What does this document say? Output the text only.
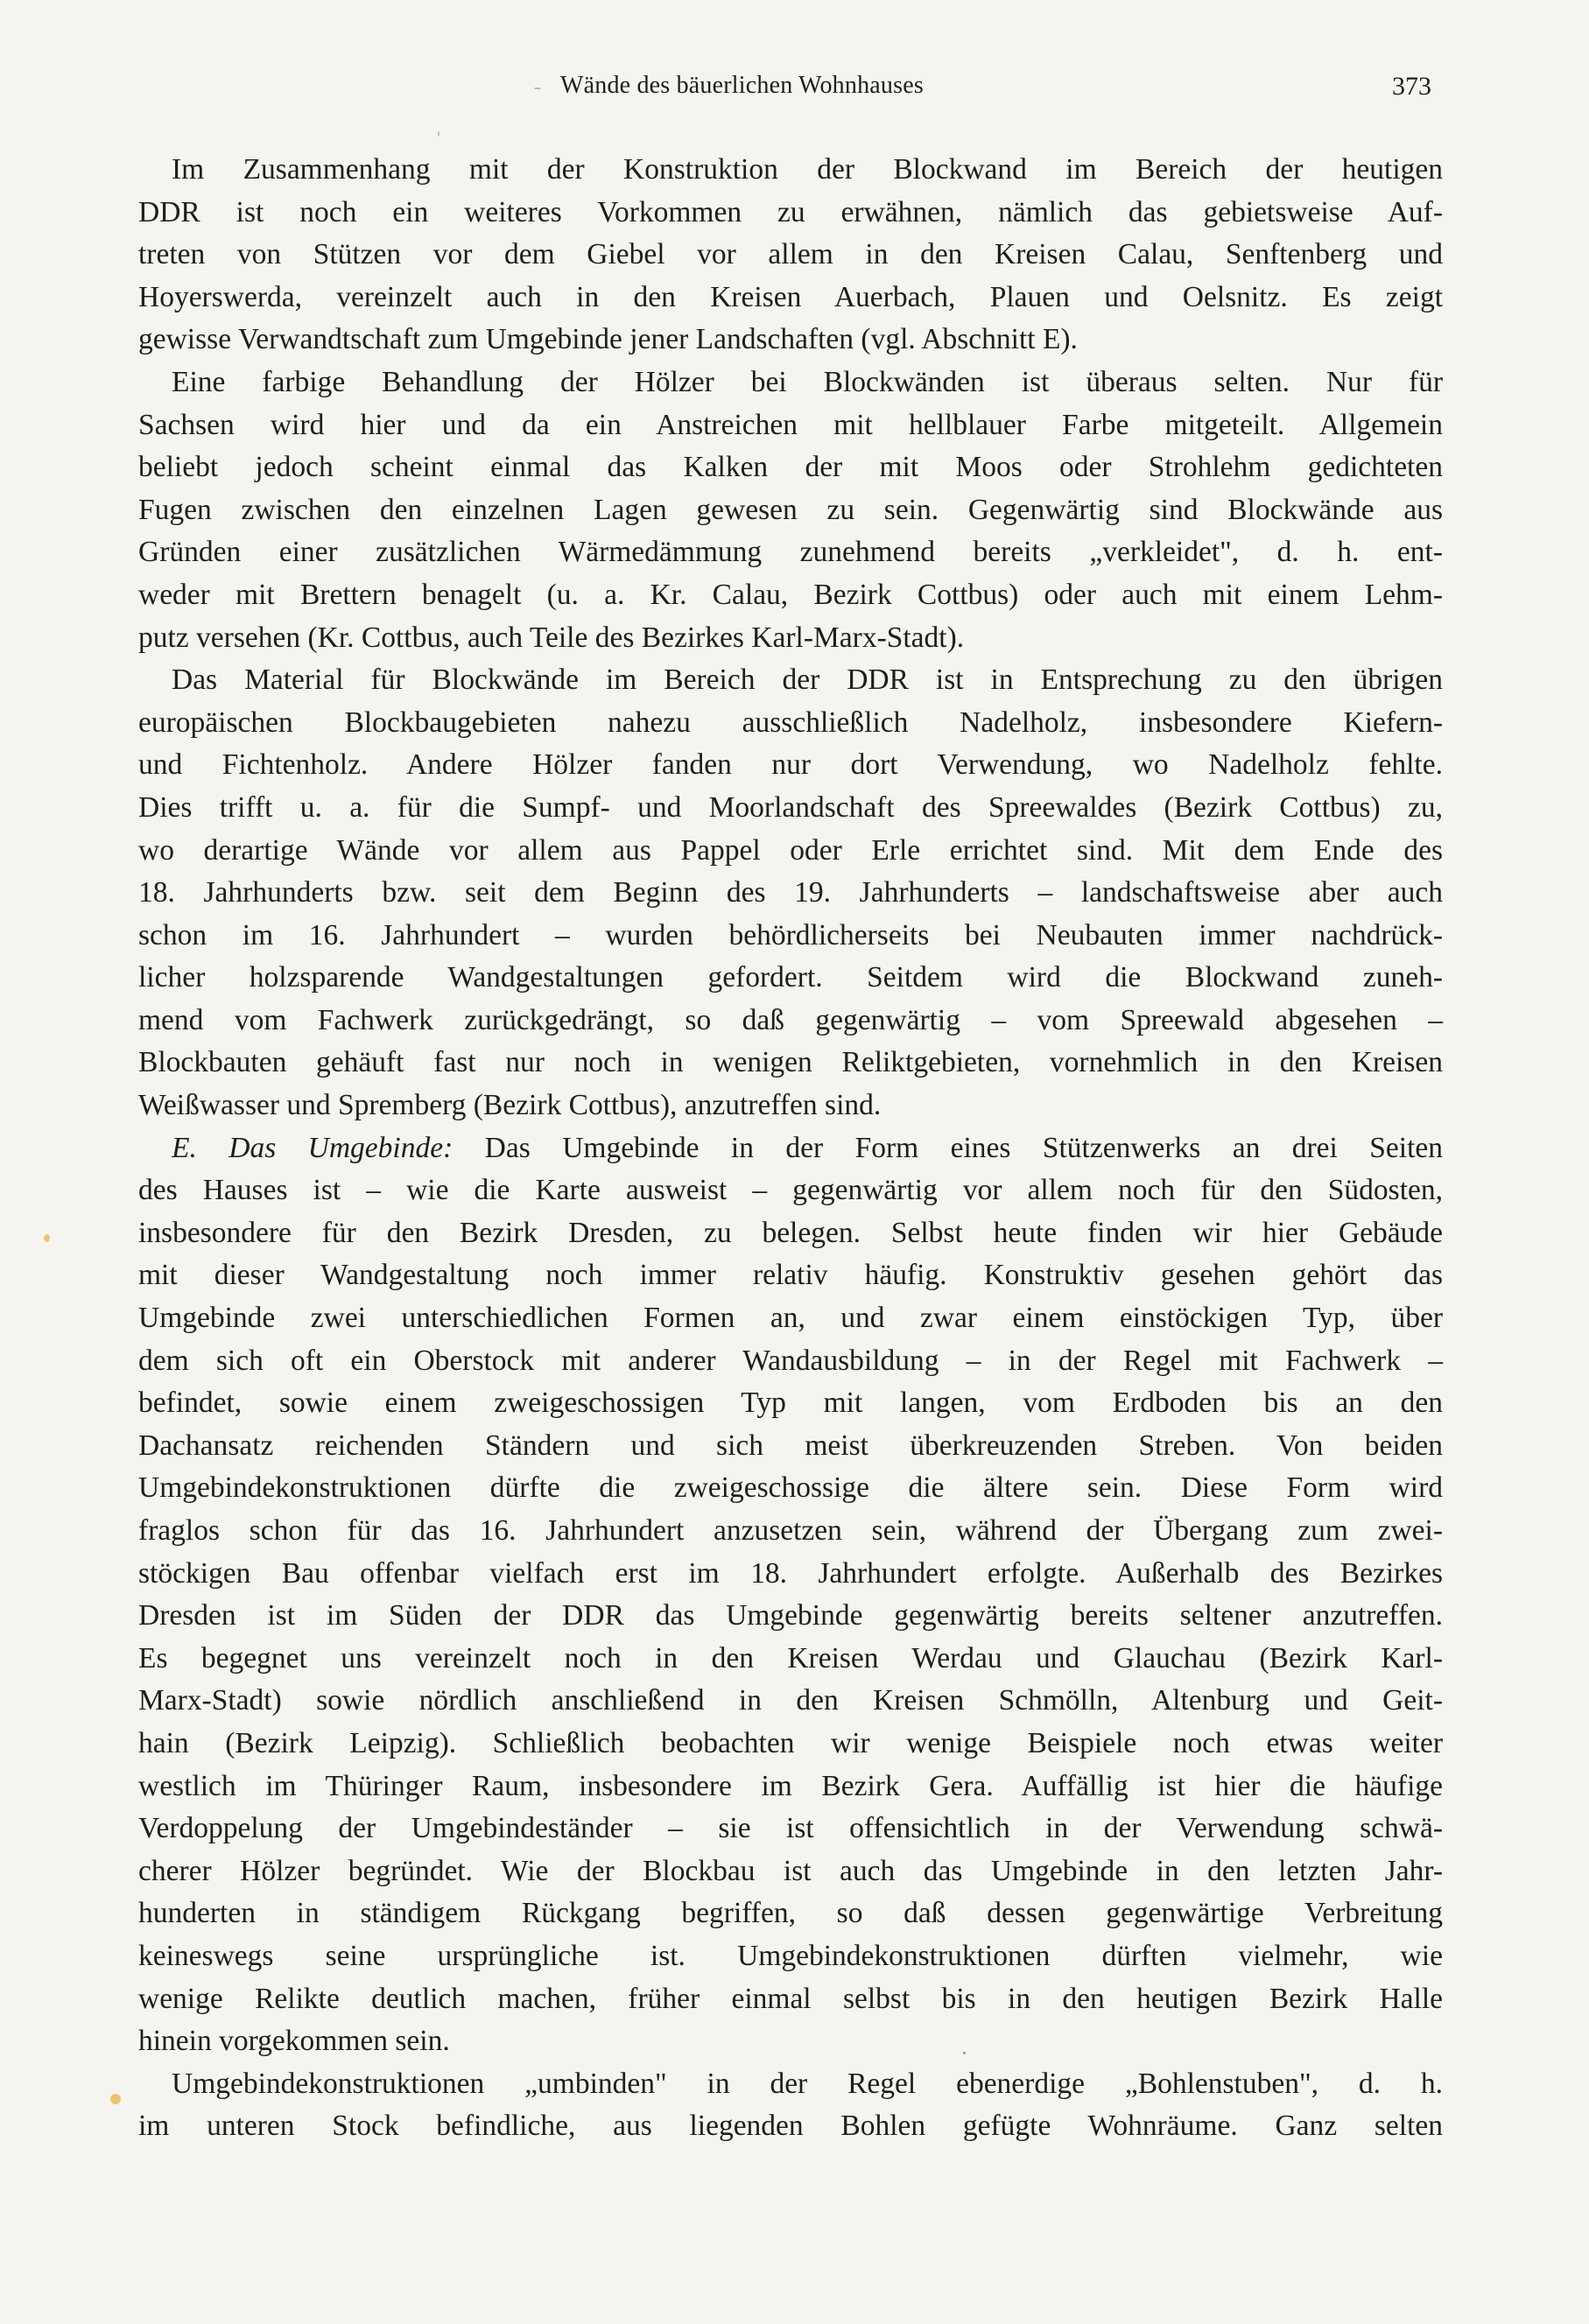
Wände des bäuerlichen Wohnhauses	373
Im Zusammenhang mit der Konstruktion der Blockwand im Bereich der heutigen
DDR ist noch ein weiteres Vorkommen zu erwähnen, nämlich das gebietsweise Auf-
treten von Stützen vor dem Giebel vor allem in den Kreisen Calau, Senftenberg und
Hoyerswerda, vereinzelt auch in den Kreisen Auerbach, Plauen und Oelsnitz. Es zeigt
gewisse Verwandtschaft zum Umgebinde jener Landschaften (vgl. Abschnitt E).
Eine farbige Behandlung der Hölzer bei Blockwänden ist überaus selten. Nur für
Sachsen wird hier und da ein Anstreichen mit hellblauer Farbe mitgeteilt. Allgemein
beliebt jedoch scheint einmal das Kalken der mit Moos oder Strohlehm gedichteten
Fugen zwischen den einzelnen Lagen gewesen zu sein. Gegenwärtig sind Blockwände aus
Gründen einer zusätzlichen Wärmedämmung zunehmend bereits „verkleidet", d. h. ent-
weder mit Brettern benagelt (u. a. Kr. Calau, Bezirk Cottbus) oder auch mit einem Lehm-
putz versehen (Kr. Cottbus, auch Teile des Bezirkes Karl-Marx-Stadt).
Das Material für Blockwände im Bereich der DDR ist in Entsprechung zu den übrigen
europäischen Blockbaugebieten nahezu ausschließlich Nadelholz, insbesondere Kiefern-
und Fichtenholz. Andere Hölzer fanden nur dort Verwendung, wo Nadelholz fehlte.
Dies trifft u. a. für die Sumpf- und Moorlandschaft des Spreewaldes (Bezirk Cottbus) zu,
wo derartige Wände vor allem aus Pappel oder Erle errichtet sind. Mit dem Ende des
18. Jahrhunderts bzw. seit dem Beginn des 19. Jahrhunderts – landschaftsweise aber auch
schon im 16. Jahrhundert – wurden behördlicherseits bei Neubauten immer nachdrück-
licher holzsparende Wandgestaltungen gefordert. Seitdem wird die Blockwand zuneh-
mend vom Fachwerk zurückgedrängt, so daß gegenwärtig – vom Spreewald abgesehen –
Blockbauten gehäuft fast nur noch in wenigen Reliktgebieten, vornehmlich in den Kreisen
Weißwasser und Spremberg (Bezirk Cottbus), anzutreffen sind.
E. Das Umgebinde: Das Umgebinde in der Form eines Stützenwerks an drei Seiten
des Hauses ist – wie die Karte ausweist – gegenwärtig vor allem noch für den Südosten,
insbesondere für den Bezirk Dresden, zu belegen. Selbst heute finden wir hier Gebäude
mit dieser Wandgestaltung noch immer relativ häufig. Konstruktiv gesehen gehört das
Umgebinde zwei unterschiedlichen Formen an, und zwar einem einstöckigen Typ, über
dem sich oft ein Oberstock mit anderer Wandausbildung – in der Regel mit Fachwerk –
befindet, sowie einem zweigeschossigen Typ mit langen, vom Erdboden bis an den
Dachansatz reichenden Ständern und sich meist überkreuzenden Streben. Von beiden
Umgebindekonstruktionen dürfte die zweigeschossige die ältere sein. Diese Form wird
fraglos schon für das 16. Jahrhundert anzusetzen sein, während der Übergang zum zwei-
stöckigen Bau offenbar vielfach erst im 18. Jahrhundert erfolgte. Außerhalb des Bezirkes
Dresden ist im Süden der DDR das Umgebinde gegenwärtig bereits seltener anzutreffen.
Es begegnet uns vereinzelt noch in den Kreisen Werdau und Glauchau (Bezirk Karl-
Marx-Stadt) sowie nördlich anschließend in den Kreisen Schmölln, Altenburg und Geit-
hain (Bezirk Leipzig). Schließlich beobachten wir wenige Beispiele noch etwas weiter
westlich im Thüringer Raum, insbesondere im Bezirk Gera. Auffällig ist hier die häufige
Verdoppelung der Umgebindeständer – sie ist offensichtlich in der Verwendung schwä-
cherer Hölzer begründet. Wie der Blockbau ist auch das Umgebinde in den letzten Jahr-
hunderten in ständigem Rückgang begriffen, so daß dessen gegenwärtige Verbreitung
keineswegs seine ursprüngliche ist. Umgebindekonstruktionen dürften vielmehr, wie
wenige Relikte deutlich machen, früher einmal selbst bis in den heutigen Bezirk Halle
hinein vorgekommen sein.
Umgebindekonstruktionen „umbinden" in der Regel ebenerdige „Bohlenstuben", d. h.
im unteren Stock befindliche, aus liegenden Bohlen gefügte Wohnräume. Ganz selten
